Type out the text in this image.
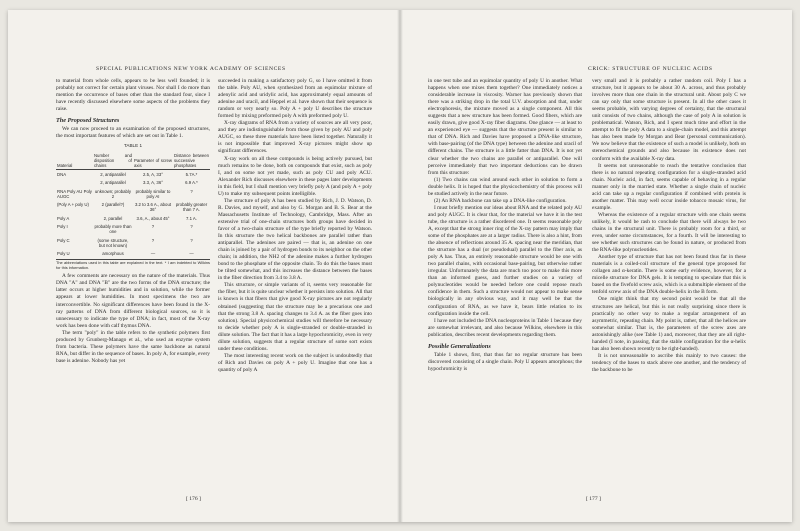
SPECIAL PUBLICATIONS NEW YORK ACADEMY OF SCIENCES

to material from whole cells, appears to be less well founded; it is probably not correct for certain plant viruses. Nor shall I do more than mention the occurrence of bases other than the standard four, since I have recently discussed elsewhere some aspects of the problems they raise.

The Proposed Structures

We can now proceed to an examination of the proposed structures, the most important features of which are set out in Table 1.

TABLE 1
Material	Number and disposition of chains	Parameter of screw axis	Distance between successive phosphates
DNA	2, antiparallel	2.5, A, 33°	5.7A.*
	2, antiparallel	3.3, A, 36°	6.9 A.*
RNA Poly AU Poly AUGC	unknown; probably 2	probably similar to poly AI	?
(Poly A + poly U)	2 (parallel?)	3.2 to 3.6 A., about 36°	probably greater than 7 A.
Poly A	2, parallel	3.6, A., about 45°	7.1 A.
Poly I	probably more than one	?	?
Poly C	(some structure, but not known)	?	?
Poly U	amorphous	—	—
The abbreviations used in this table are explained in the text. * I am indebted to Wilkins for this information.

A few comments are necessary on the nature of the materials. Thus DNA "A" and DNA "B" are the two forms of the DNA structure; the latter occurs at higher humidities and in solution, while the former appears at lower humidities. In most specimens the two are interconvertible. No significant differences have been found in the X-ray patterns of DNA from different biological sources, so it is unnecessary to indicate the type of DNA; in fact, most of the X-ray work has been done with calf thymus DNA.

The term "poly" in the table refers to the synthetic polymers first produced by Grunberg-Manago et al., who used an enzyme system from bacteria. These polymers have the same backbone as natural RNA, but differ in the sequence of bases. In poly A, for example, every base is adenine. Nobody has yet

succeeded in making a satisfactory poly G, so I have omitted it from the table. Poly AU, when synthesized from an equimolar mixture of adenylic acid and uridylic acid, has approximately equal amounts of adenine and uracil, and Heppel et al. have shown that their sequence is random or very nearly so. Poly A + poly U describes the structure formed by mixing preformed poly A with preformed poly U.

X-ray diagrams of RNA from a variety of sources are all very poor, and they are indistinguishable from those given by poly AU and poly AUGC, so these three materials have been listed together. Naturally it is not impossible that improved X-ray pictures might show up significant differences.

X-ray work on all these compounds is being actively pursued, but much remains to be done, both on compounds that exist, such as poly I, and on some not yet made, such as poly CU and poly ACU. Alexander Rich discusses elsewhere in these pages later developments in this field, but I shall mention very briefly poly A (and poly A + poly U) to make my subsequent points intelligible.

The structure of poly A has been studied by Rich, J. D. Watson, D. R. Davies, and myself, and also by G. Morgan and B. S. Bear at the Massachusetts Institute of Technology, Cambridge, Mass. After an extensive trial of one-chain structures both groups have decided in favor of a two-chain structure of the type briefly reported by Watson. In this structure the two helical backbones are parallel rather than antiparallel. The adenines are paired — that is, an adenine on one chain is joined by a pair of hydrogen bonds to its neighbor on the other chain; in addition, the NH2 of the adenine makes a further hydrogen bond to the phosphate of the opposite chain. To do this the bases must be tilted somewhat, and this increases the distance between the bases in the fiber direction from 3.4 to 3.8 A.

This structure, or simple variants of it, seems very reasonable for the fiber, but it is quite unclear whether it persists into solution. All that is known is that fibers that give good X-ray pictures are not regularly obtained (suggesting that the structure may be a precarious one and that the strong 3.8 A. spacing changes to 3.4 A. as the fiber goes into solution). Special physicochemical studies will therefore be necessary to decide whether poly A is single-stranded or double-stranded in dilute solution. The fact that it has a large hypochromicity, even in very dilute solution, suggests that a regular structure of some sort exists under these conditions.

The most interesting recent work on the subject is undoubtedly that of Rich and Davies on poly A + poly U. Imagine that one has a quantity of poly A

[ 176 ]
CRICK: STRUCTURE OF NUCLEIC ACIDS

in one test tube and an equimolar quantity of poly U in another. What happens when one mixes them together? One immediately notices a considerable increase in viscosity. Warner has previously shown that there was a striking drop in the total U.V. absorption and that, under electrophoresis, the mixture moved as a single component. All this suggests that a new structure has been formed. Good fibers, which are easily drawn, give good X-ray fiber diagrams. One glance — at least to an experienced eye — suggests that the structure present is similar to that of DNA. Rich and Davies have proposed a DNA-like structure, with base-pairing (of the DNA type) between the adenine and uracil of different chains. The structure is a little fatter than DNA. It is not yet clear whether the two chains are parallel or antiparallel. One will perceive immediately that two important deductions can be drawn from this structure:

(1) Two chains can wind around each other in solution to form a double helix. It is hoped that the physicochemistry of this process will be studied actively in the near future.

(2) An RNA backbone can take up a DNA-like configuration.

I must briefly mention our ideas about RNA and the related poly AU and poly AUGC. It is clear that, for the material we have it in the test tube, the structure is a rather disordered one. It seems reasonable poly A, except that the strong inner ring of the X-ray pattern may imply that some of the phosphates are at a larger radius. There is also a hint, from the absence of reflections around 35 A. spacing near the meridian, that the structure has a dual (or pseudodual) parallel to the fiber axis, as poly A has. Thus, an entirely reasonable structure would be one with two parallel chains, with occasional base-pairing, but otherwise rather irregular. Unfortunately the data are much too poor to make this more than an informed guess, and further studies on a variety of polynucleotides would be needed before one could repose much confidence in them. Such a structure would not appear to make sense biologically in any obvious way, and it may well be that the configuration of RNA, as we have it, bears little relation to its configuration inside the cell.

I have not included the DNA nucleoproteins in Table 1 because they are somewhat irrelevant, and also because Wilkins, elsewhere in this publication, describes recent developments regarding them.

Possible Generalizations

Table 1 shows, first, that thus far no regular structure has been discovered consisting of a single chain. Poly U appears amorphous; the hypochromicity is

very small and it is probably a rather random coil. Poly I has a structure, but it appears to be about 30 A. across, and thus probably involves more than one chain in the structural unit. About poly C we can say only that some structure is present. In all the other cases it seems probable, with varying degrees of certainty, that the structural unit consists of two chains, although the case of poly A in solution is problematical. Watson, Rich, and I spent much time and effort in the attempt to fit the poly A data to a single-chain model, and this attempt has also been made by Morgan and Bear (personal communication). We now believe that the existence of such a model is unlikely, both on stereochemical grounds and also because its existence does not conform with the available X-ray data.

It seems not unreasonable to reach the tentative conclusion that there is no natural repeating configuration for a single-stranded acid chain. Nucleic acid, in fact, seems capable of behaving in a regular manner only in the married state. Whether a single chain of nucleic acid can take up a regular configuration if combined with protein is another matter. This may well occur inside tobacco mosaic virus, for example.

Whereas the existence of a regular structure with one chain seems unlikely, it would be rash to conclude that there will always be two chains in the structural unit. There is probably room for a third, or even, under some circumstances, for a fourth. It will be interesting to see whether such structures can be found in nature, or produced from the RNA-like polynucleotides.

Another type of structure that has not been found thus far in these materials is a coiled-coil structure of the general type proposed for collagen and α-keratin. There is some early evidence, however, for a micelle structure for DNA gels. It is tempting to speculate that this is based on the fivefold screw axis, which is a submultiple element of the tenfold screw axis of the DNA double-helix in the B form.

One might think that my second point would be that all the structures are helical, but this is not really surprising since there is practically no other way to make a regular arrangement of an asymmetric, repeating chain. My point is, rather, that all the helices are somewhat similar. That is, the parameters of the screw axes are astonishingly alike (see Table 1) and, moreover, that they are all right-handed (I note, in passing, that the stable configuration for the α-helix has also been shown recently to be right-handed).

It is not unreasonable to ascribe this mainly to two causes: the tendency of the bases to stack above one another, and the tendency of the backbone to be

[ 177 ]
